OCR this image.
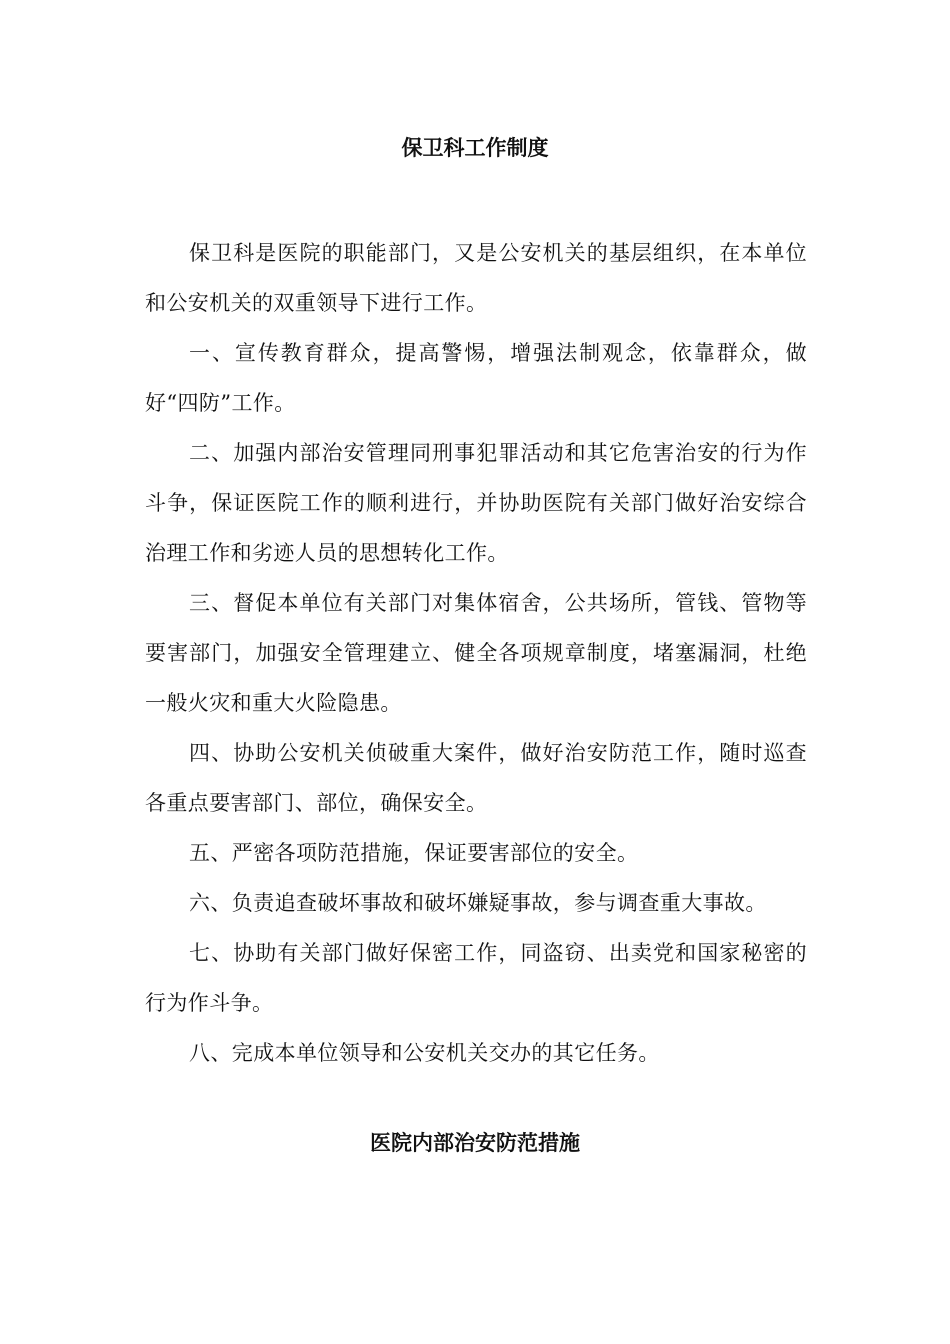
保卫科工作制度

保卫科是医院的职能部门，又是公安机关的基层组织，在本单位和公安机关的双重领导下进行工作。

一、宣传教育群众，提高警惕，增强法制观念，依靠群众，做好“四防”工作。

二、加强内部治安管理同刑事犯罪活动和其它危害治安的行为作斗争，保证医院工作的顺利进行，并协助医院有关部门做好治安综合治理工作和劣迹人员的思想转化工作。

三、督促本单位有关部门对集体宿舍，公共场所，管钱、管物等要害部门，加强安全管理建立、健全各项规章制度，堵塞漏洞，杜绝一般火灾和重大火险隐患。

四、协助公安机关侦破重大案件，做好治安防范工作，随时巡查各重点要害部门、部位，确保安全。

五、严密各项防范措施，保证要害部位的安全。

六、负责追查破坏事故和破坏嫌疑事故，参与调查重大事故。

七、协助有关部门做好保密工作，同盗窃、出卖党和国家秘密的行为作斗争。

八、完成本单位领导和公安机关交办的其它任务。

医院内部治安防范措施
